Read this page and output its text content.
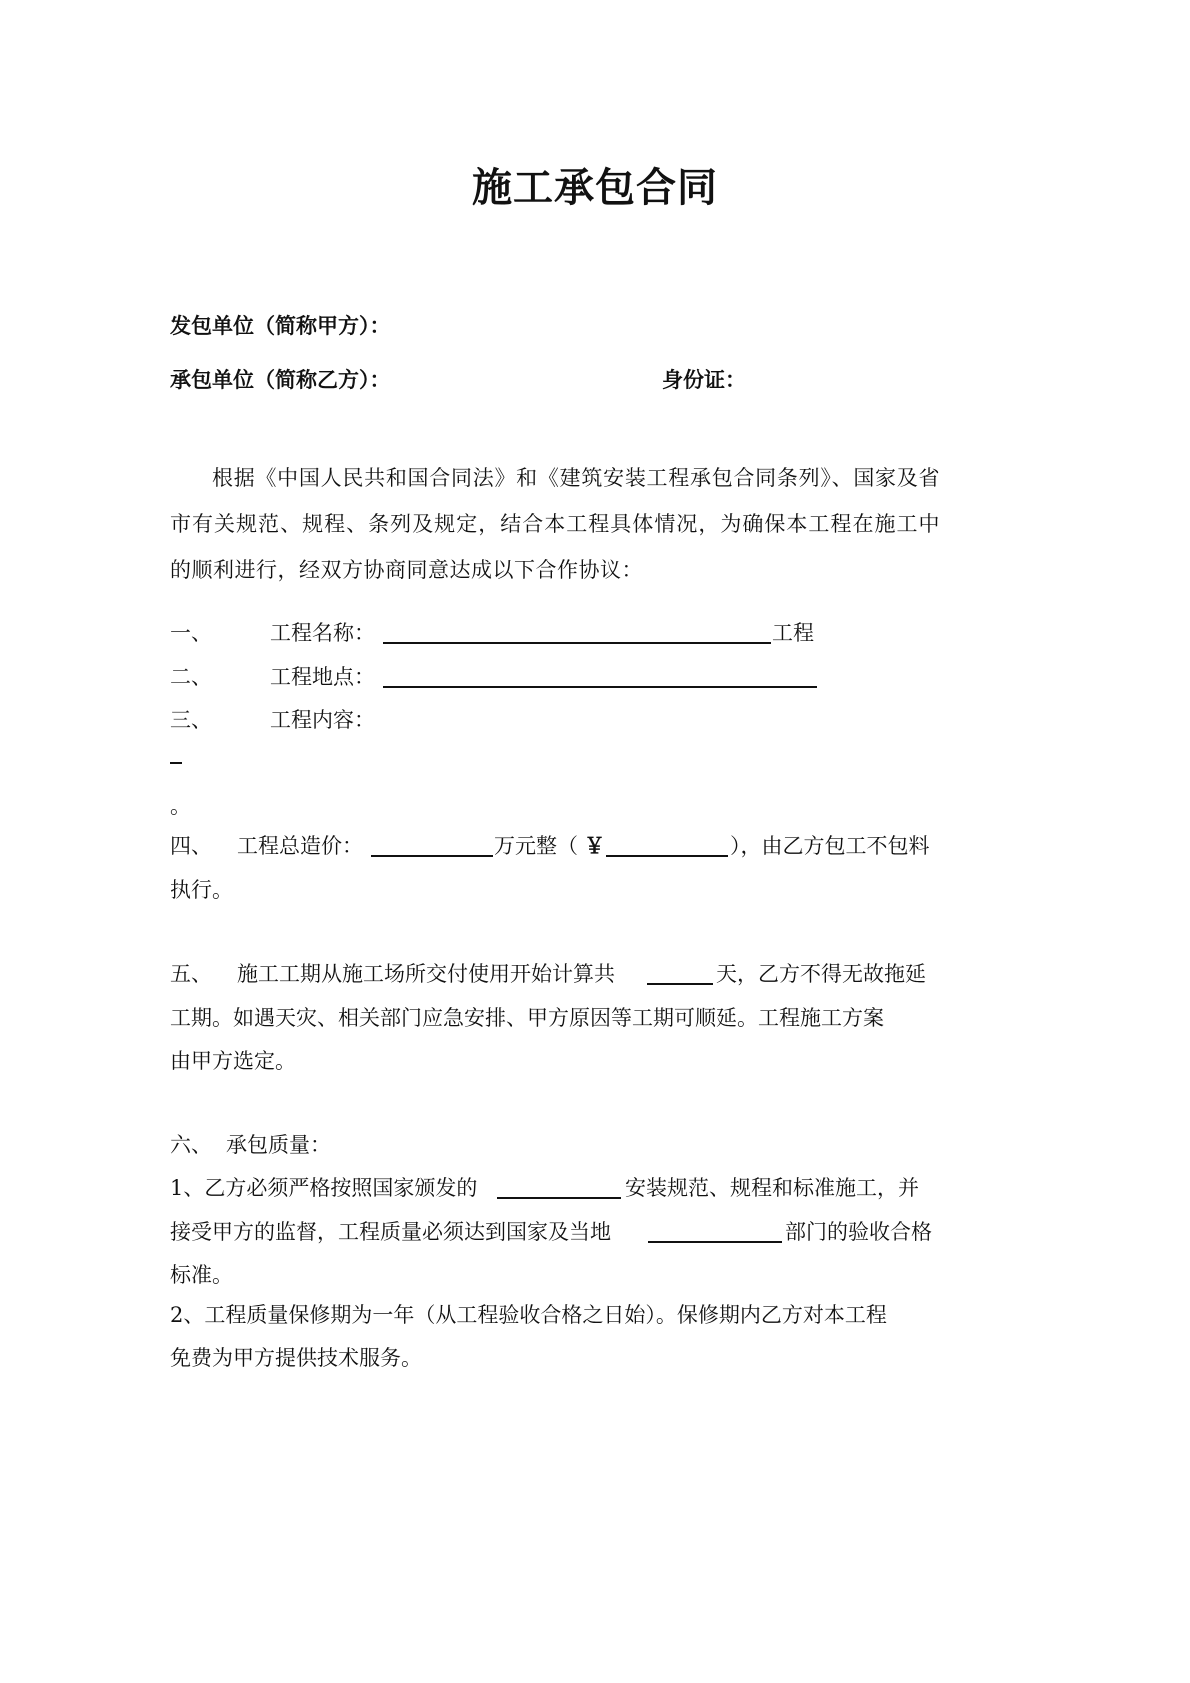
施工承包合同
发包单位（简称甲方）：
承包单位（简称乙方）：	身份证：
根据《中国人民共和国合同法》和《建筑安装工程承包合同条列》、国家及省市有关规范、规程、条列及规定，结合本工程具体情况，为确保本工程在施工中的顺利进行，经双方协商同意达成以下合作协议：
一、	工程名称：	工程
二、	工程地点：
三、	工程内容：
。
四、 工程总造价：	万元整（ ￥	），由乙方包工不包料
执行。
五、 施工工期从施工场所交付使用开始计算共	天，乙方不得无故拖延
工期。如遇天灾、相关部门应急安排、甲方原因等工期可顺延。工程施工方案
由甲方选定。
六、 承包质量：
1、乙方必须严格按照国家颁发的	安装规范、规程和标准施工，并
接受甲方的监督，工程质量必须达到国家及当地	部门的验收合格
标准。
2、工程质量保修期为一年（从工程验收合格之日始）。保修期内乙方对本工程
免费为甲方提供技术服务。
